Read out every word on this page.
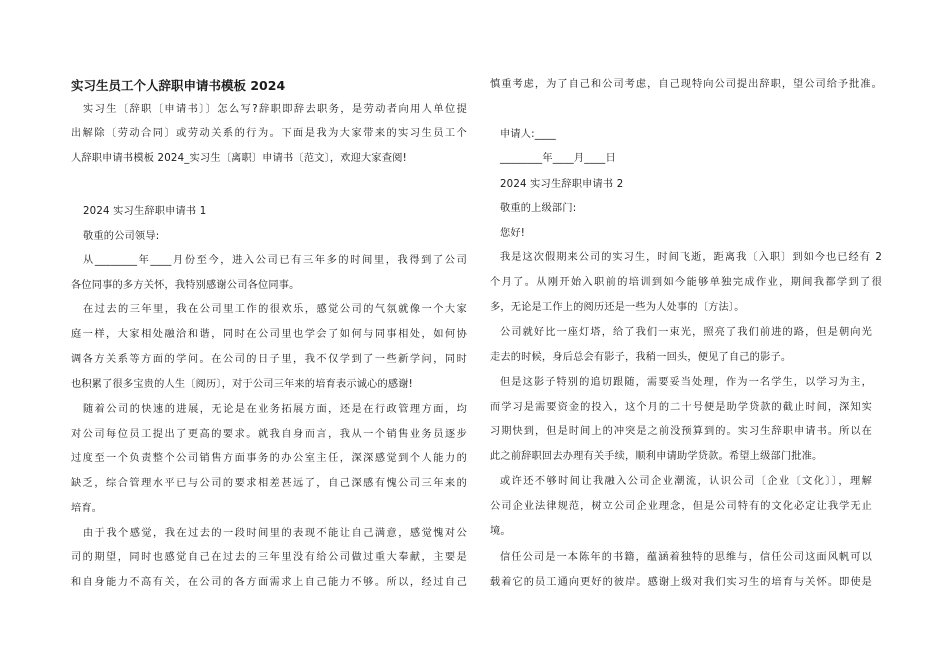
实习生员工个人辞职申请书模板 2024
实习生〔辞职〔申请书〕〕怎么写?辞职即辞去职务，是劳动者向用人单位提
出解除〔劳动合同〕或劳动关系的行为。下面是我为大家带来的实习生员工个
人辞职申请书模板 2024_实习生〔离职〕申请书〔范文〕，欢迎大家查阅!
2024 实习生辞职申请书 1
敬重的公司领导:
从________年____月份至今，进入公司已有三年多的时间里，我得到了公司
各位同事的多方关怀，我特别感谢公司各位同事。
在过去的三年里，我在公司里工作的很欢乐，感觉公司的气氛就像一个大家
庭一样，大家相处融洽和谐，同时在公司里也学会了如何与同事相处，如何协
调各方关系等方面的学问。在公司的日子里，我不仅学到了一些新学问，同时
也积累了很多宝贵的人生〔阅历〕，对于公司三年来的培育表示诚心的感谢!
随着公司的快速的进展，无论是在业务拓展方面，还是在行政管理方面，均
对公司每位员工提出了更高的要求。就我自身而言，我从一个销售业务员逐步
过度至一个负责整个公司销售方面事务的办公室主任，深深感觉到个人能力的
缺乏，综合管理水平已与公司的要求相差甚远了，自己深感有愧公司三年来的
培育。
由于我个感觉，我在过去的一段时间里的表现不能让自己满意，感觉愧对公
司的期望，同时也感觉自己在过去的三年里没有给公司做过重大奉献，主要是
和自身能力不高有关，在公司的各方面需求上自己能力不够。所以，经过自己
慎重考虑，为了自己和公司考虑，自己现特向公司提出辞职，望公司给予批准。
申请人:____
________年____月____日
2024 实习生辞职申请书 2
敬重的上级部门:
您好!
我是这次假期来公司的实习生，时间飞逝，距离我〔入职〕到如今也已经有 2
个月了。从刚开始入职前的培训到如今能够单独完成作业，期间我都学到了很
多，无论是工作上的阅历还是一些为人处事的〔方法〕。
公司就好比一座灯塔，给了我们一束光，照亮了我们前进的路，但是朝向光
走去的时候，身后总会有影子，我稍一回头，便见了自己的影子。
但是这影子特别的追切跟随，需要妥当处理，作为一名学生，以学习为主，
而学习是需要资金的投入，这个月的二十号便是助学贷款的截止时间，深知实
习期快到，但是时间上的冲突是之前没预算到的。实习生辞职申请书。所以在
此之前辞职回去办理有关手续，顺利申请助学贷款。希望上级部门批准。
或许还不够时间让我融入公司企业潮流，认识公司〔企业〔文化〕〕，理解
公司企业法律规范，树立公司企业理念，但是公司特有的文化必定让我学无止
境。
信任公司是一本陈年的书籍，蕴涵着独特的思维与，信任公司这面风帆可以
载着它的员工通向更好的彼岸。感谢上级对我们实习生的培育与关怀。即使是
